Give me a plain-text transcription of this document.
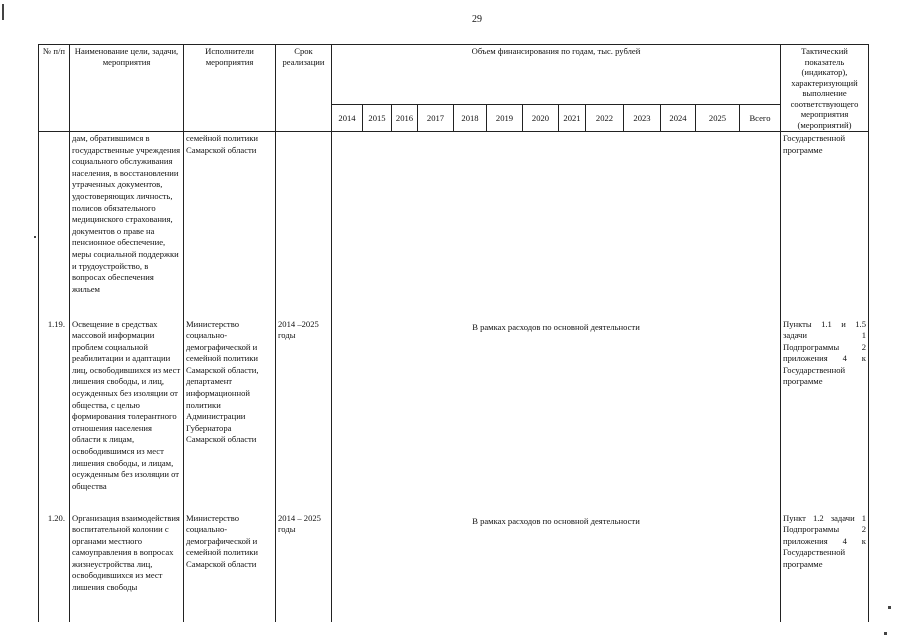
29
№ п/п	Наименование цели, задачи, мероприятия	Исполнители мероприятия	Срок реализации	Объем финансирования по годам, тыс. рублей													Тактический показатель (индикатор), характеризующий выполнение соответствующего мероприятия (мероприятий)
				2014	2015	2016	2017	2018	2019	2020	2021	2022	2023	2024	2025	Всего	
	дам, обратившимся в государственные учреждения социального обслуживания населения, в восстановлении утраченных документов, удостоверяющих личность, полисов обязательного медицинского страхования, документов о праве на пенсионное обеспечение, меры социальной поддержки и трудоустройство, в вопросах обеспечения жильем	семейной политики Самарской области															Государственной программе
1.19.	Освещение в средствах массовой информации проблем социальной реабилитации и адаптации лиц, освободившихся из мест лишения свободы, и лиц, осужденных без изоляции от общества, с целью формирования толерантного отношения населения области к лицам, освободившимся из мест лишения свободы, и лицам, осужденным без изоляции от общества	Министерство социально-демографической и семейной политики Самарской области, департамент информационной политики Администрации Губернатора Самарской области	2014 –2025 годы	В рамках расходов по основной деятельности													Пункты 1.1 и 1.5 задачи 1 Подпрограммы 2 приложения 4 к Государственной программе
1.20.	Организация взаимодействия воспитательной колонии с органами местного самоуправления в вопросах жизнеустройства лиц, освободившихся из мест лишения свободы	Министерство социально-демографической и семейной политики Самарской области	2014 – 2025 годы	В рамках расходов по основной деятельности													Пункт 1.2 задачи 1 Подпрограммы 2 приложения 4 к Государственной программе
